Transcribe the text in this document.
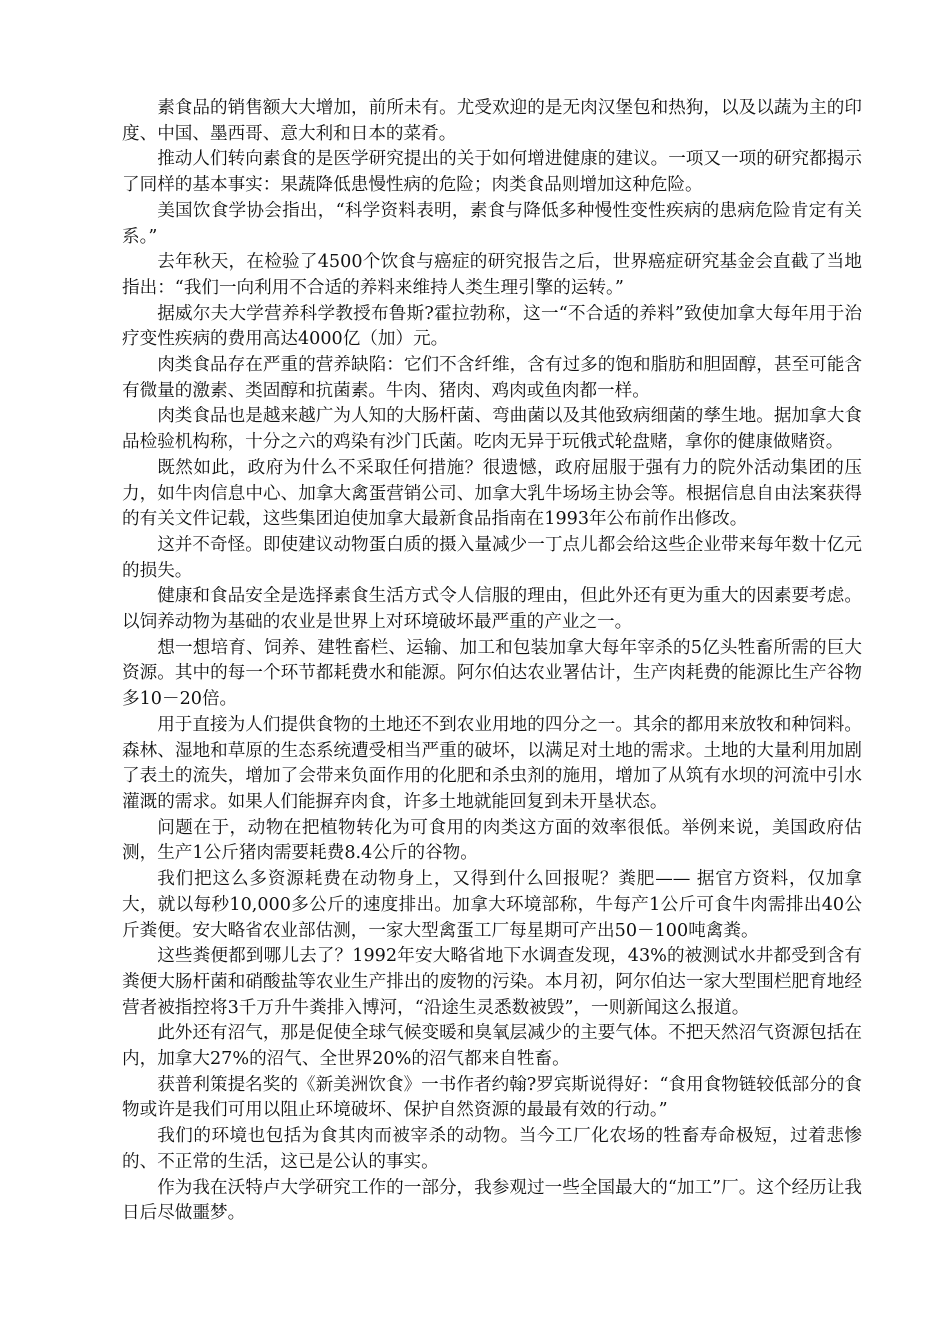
素食品的销售额大大增加，前所未有。尤受欢迎的是无肉汉堡包和热狗，以及以蔬为主的印度、中国、墨西哥、意大利和日本的菜肴。

推动人们转向素食的是医学研究提出的关于如何增进健康的建议。一项又一项的研究都揭示了同样的基本事实：果蔬降低患慢性病的危险；肉类食品则增加这种危险。

美国饮食学协会指出，“科学资料表明，素食与降低多种慢性变性疾病的患病危险肯定有关系。”

去年秋天，在检验了4500个饮食与癌症的研究报告之后，世界癌症研究基金会直截了当地指出：“我们一向利用不合适的养料来维持人类生理引擎的运转。”

据威尔夫大学营养科学教授布鲁斯?霍拉勃称，这一“不合适的养料”致使加拿大每年用于治疗变性疾病的费用高达4000亿（加）元。

肉类食品存在严重的营养缺陷：它们不含纤维，含有过多的饱和脂肪和胆固醇，甚至可能含有微量的激素、类固醇和抗菌素。牛肉、猪肉、鸡肉或鱼肉都一样。

肉类食品也是越来越广为人知的大肠杆菌、弯曲菌以及其他致病细菌的孳生地。据加拿大食品检验机构称，十分之六的鸡染有沙门氏菌。吃肉无异于玩俄式轮盘赌，拿你的健康做赌资。

既然如此，政府为什么不采取任何措施？很遗憾，政府屈服于强有力的院外活动集团的压力，如牛肉信息中心、加拿大禽蛋营销公司、加拿大乳牛场场主协会等。根据信息自由法案获得的有关文件记载，这些集团迫使加拿大最新食品指南在1993年公布前作出修改。

这并不奇怪。即使建议动物蛋白质的摄入量减少一丁点儿都会给这些企业带来每年数十亿元的损失。

健康和食品安全是选择素食生活方式令人信服的理由，但此外还有更为重大的因素要考虑。以饲养动物为基础的农业是世界上对环境破坏最严重的产业之一。

想一想培育、饲养、建牲畜栏、运输、加工和包装加拿大每年宰杀的5亿头牲畜所需的巨大资源。其中的每一个环节都耗费水和能源。阿尔伯达农业署估计，生产肉耗费的能源比生产谷物多10－20倍。

用于直接为人们提供食物的土地还不到农业用地的四分之一。其余的都用来放牧和种饲料。森林、湿地和草原的生态系统遭受相当严重的破坏，以满足对土地的需求。土地的大量利用加剧了表土的流失，增加了会带来负面作用的化肥和杀虫剂的施用，增加了从筑有水坝的河流中引水灌溉的需求。如果人们能摒弃肉食，许多土地就能回复到未开垦状态。

问题在于，动物在把植物转化为可食用的肉类这方面的效率很低。举例来说，美国政府估测，生产1公斤猪肉需要耗费8.4公斤的谷物。

我们把这么多资源耗费在动物身上，又得到什么回报呢？粪肥—— 据官方资料，仅加拿大，就以每秒10,000多公斤的速度排出。加拿大环境部称，牛每产1公斤可食牛肉需排出40公斤粪便。安大略省农业部估测，一家大型禽蛋工厂每星期可产出50－100吨禽粪。

这些粪便都到哪儿去了？1992年安大略省地下水调查发现，43%的被测试水井都受到含有粪便大肠杆菌和硝酸盐等农业生产排出的废物的污染。本月初，阿尔伯达一家大型围栏肥育地经营者被指控将3千万升牛粪排入博河，“沿途生灵悉数被毁”，一则新闻这么报道。

此外还有沼气，那是促使全球气候变暖和臭氧层减少的主要气体。不把天然沼气资源包括在内，加拿大27%的沼气、全世界20%的沼气都来自牲畜。

获普利策提名奖的《新美洲饮食》一书作者约翰?罗宾斯说得好：“食用食物链较低部分的食物或许是我们可用以阻止环境破坏、保护自然资源的最最有效的行动。”

我们的环境也包括为食其肉而被宰杀的动物。当今工厂化农场的牲畜寿命极短，过着悲惨的、不正常的生活，这已是公认的事实。

作为我在沃特卢大学研究工作的一部分，我参观过一些全国最大的“加工”厂。这个经历让我日后尽做噩梦。
